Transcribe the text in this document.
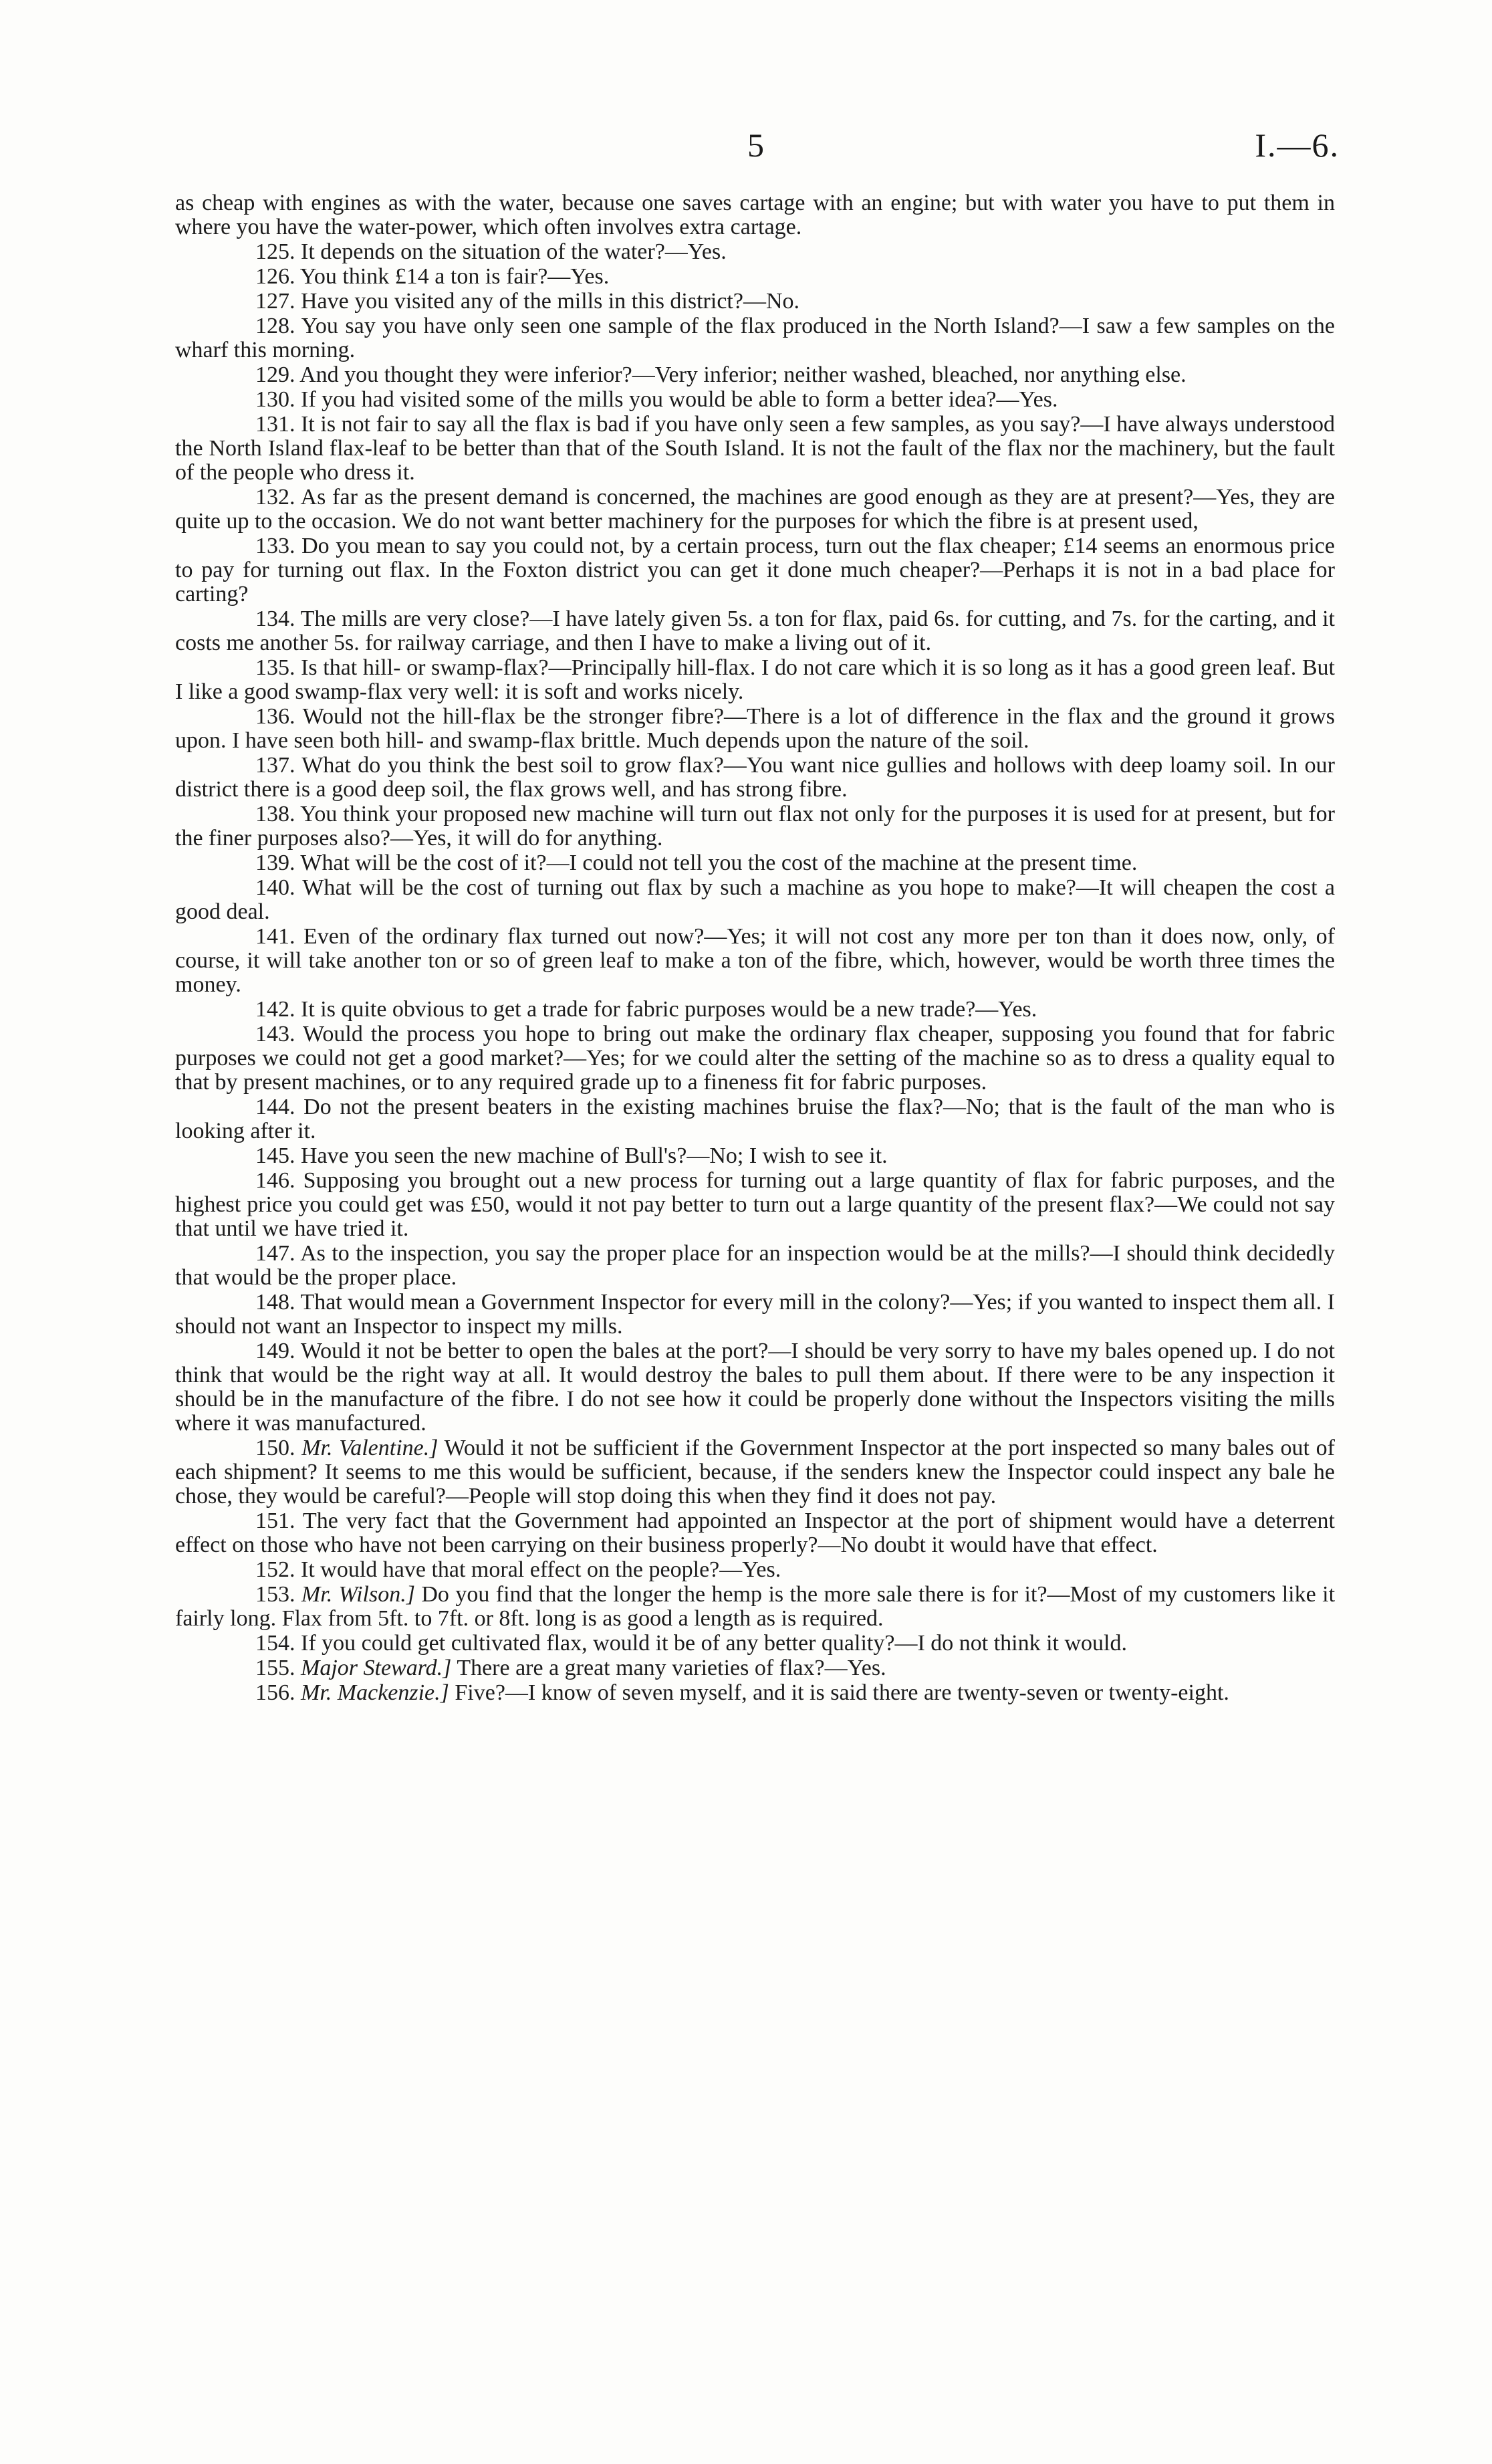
5	I.—6.

as cheap with engines as with the water, because one saves cartage with an engine; but with water you have to put them in where you have the water-power, which often involves extra cartage.

125. It depends on the situation of the water?—Yes.

126. You think £14 a ton is fair?—Yes.

127. Have you visited any of the mills in this district?—No.

128. You say you have only seen one sample of the flax produced in the North Island?—I saw a few samples on the wharf this morning.

129. And you thought they were inferior?—Very inferior; neither washed, bleached, nor anything else.

130. If you had visited some of the mills you would be able to form a better idea?—Yes.

131. It is not fair to say all the flax is bad if you have only seen a few samples, as you say?—I have always understood the North Island flax-leaf to be better than that of the South Island. It is not the fault of the flax nor the machinery, but the fault of the people who dress it.

132. As far as the present demand is concerned, the machines are good enough as they are at present?—Yes, they are quite up to the occasion. We do not want better machinery for the purposes for which the fibre is at present used,

133. Do you mean to say you could not, by a certain process, turn out the flax cheaper; £14 seems an enormous price to pay for turning out flax. In the Foxton district you can get it done much cheaper?—Perhaps it is not in a bad place for carting?

134. The mills are very close?—I have lately given 5s. a ton for flax, paid 6s. for cutting, and 7s. for the carting, and it costs me another 5s. for railway carriage, and then I have to make a living out of it.

135. Is that hill- or swamp-flax?—Principally hill-flax. I do not care which it is so long as it has a good green leaf. But I like a good swamp-flax very well: it is soft and works nicely.

136. Would not the hill-flax be the stronger fibre?—There is a lot of difference in the flax and the ground it grows upon. I have seen both hill- and swamp-flax brittle. Much depends upon the nature of the soil.

137. What do you think the best soil to grow flax?—You want nice gullies and hollows with deep loamy soil. In our district there is a good deep soil, the flax grows well, and has strong fibre.

138. You think your proposed new machine will turn out flax not only for the purposes it is used for at present, but for the finer purposes also?—Yes, it will do for anything.

139. What will be the cost of it?—I could not tell you the cost of the machine at the present time.

140. What will be the cost of turning out flax by such a machine as you hope to make?—It will cheapen the cost a good deal.

141. Even of the ordinary flax turned out now?—Yes; it will not cost any more per ton than it does now, only, of course, it will take another ton or so of green leaf to make a ton of the fibre, which, however, would be worth three times the money.

142. It is quite obvious to get a trade for fabric purposes would be a new trade?—Yes.

143. Would the process you hope to bring out make the ordinary flax cheaper, supposing you found that for fabric purposes we could not get a good market?—Yes; for we could alter the setting of the machine so as to dress a quality equal to that by present machines, or to any required grade up to a fineness fit for fabric purposes.

144. Do not the present beaters in the existing machines bruise the flax?—No; that is the fault of the man who is looking after it.

145. Have you seen the new machine of Bull's?—No; I wish to see it.

146. Supposing you brought out a new process for turning out a large quantity of flax for fabric purposes, and the highest price you could get was £50, would it not pay better to turn out a large quantity of the present flax?—We could not say that until we have tried it.

147. As to the inspection, you say the proper place for an inspection would be at the mills?—I should think decidedly that would be the proper place.

148. That would mean a Government Inspector for every mill in the colony?—Yes; if you wanted to inspect them all. I should not want an Inspector to inspect my mills.

149. Would it not be better to open the bales at the port?—I should be very sorry to have my bales opened up. I do not think that would be the right way at all. It would destroy the bales to pull them about. If there were to be any inspection it should be in the manufacture of the fibre. I do not see how it could be properly done without the Inspectors visiting the mills where it was manufactured.

150. Mr. Valentine.] Would it not be sufficient if the Government Inspector at the port inspected so many bales out of each shipment? It seems to me this would be sufficient, because, if the senders knew the Inspector could inspect any bale he chose, they would be careful?—People will stop doing this when they find it does not pay.

151. The very fact that the Government had appointed an Inspector at the port of shipment would have a deterrent effect on those who have not been carrying on their business properly?—No doubt it would have that effect.

152. It would have that moral effect on the people?—Yes.

153. Mr. Wilson.] Do you find that the longer the hemp is the more sale there is for it?—Most of my customers like it fairly long. Flax from 5ft. to 7ft. or 8ft. long is as good a length as is required.

154. If you could get cultivated flax, would it be of any better quality?—I do not think it would.

155. Major Steward.] There are a great many varieties of flax?—Yes.

156. Mr. Mackenzie.] Five?—I know of seven myself, and it is said there are twenty-seven or twenty-eight.
